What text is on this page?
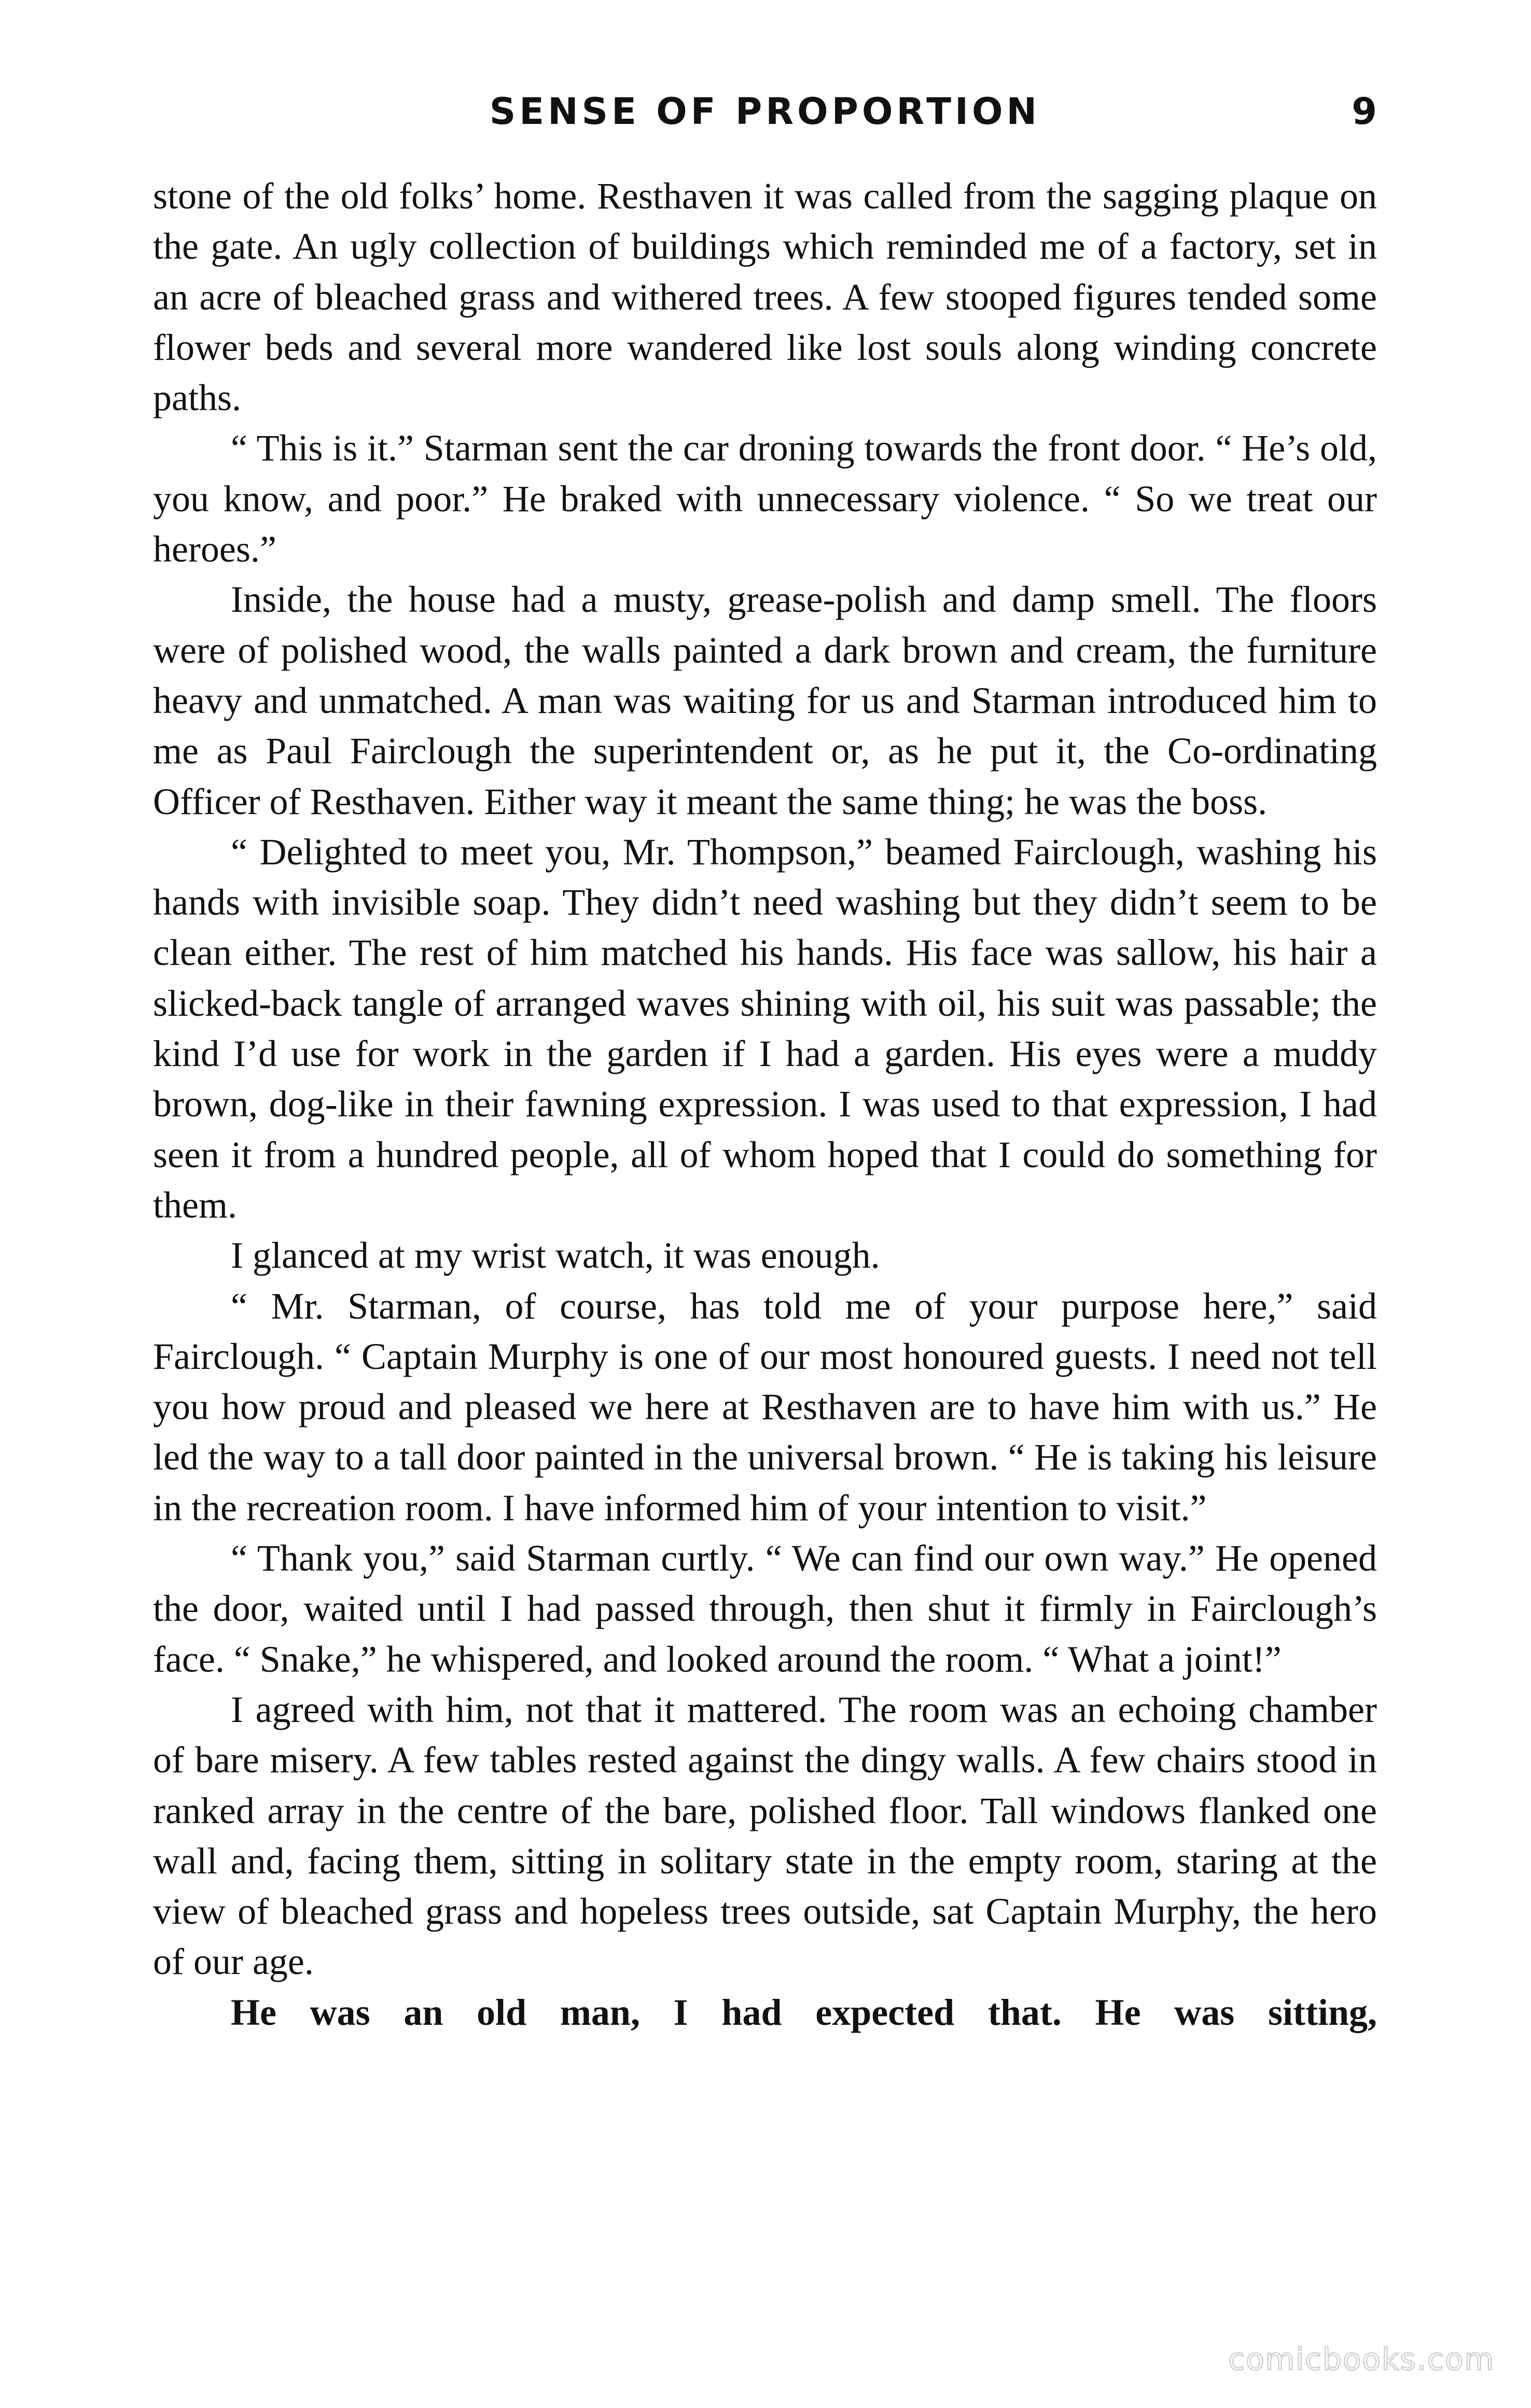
SENSE OF PROPORTION	9

stone of the old folks’ home. Resthaven it was called from the sagging plaque on the gate. An ugly collection of buildings which reminded me of a factory, set in an acre of bleached grass and withered trees. A few stooped figures tended some flower beds and several more wandered like lost souls along winding concrete paths.

“ This is it.” Starman sent the car droning towards the front door. “ He’s old, you know, and poor.” He braked with unnecessary violence. “ So we treat our heroes.”

Inside, the house had a musty, grease-polish and damp smell. The floors were of polished wood, the walls painted a dark brown and cream, the furniture heavy and unmatched. A man was waiting for us and Starman introduced him to me as Paul Fairclough the superintendent or, as he put it, the Co-ordinating Officer of Resthaven. Either way it meant the same thing; he was the boss.

“ Delighted to meet you, Mr. Thompson,” beamed Fairclough, washing his hands with invisible soap. They didn’t need washing but they didn’t seem to be clean either. The rest of him matched his hands. His face was sallow, his hair a slicked-back tangle of arranged waves shining with oil, his suit was passable; the kind I’d use for work in the garden if I had a garden. His eyes were a muddy brown, dog-like in their fawning expression. I was used to that expression, I had seen it from a hundred people, all of whom hoped that I could do something for them.

I glanced at my wrist watch, it was enough.

“ Mr. Starman, of course, has told me of your purpose here,” said Fairclough. “ Captain Murphy is one of our most honoured guests. I need not tell you how proud and pleased we here at Resthaven are to have him with us.” He led the way to a tall door painted in the universal brown. “ He is taking his leisure in the recreation room. I have informed him of your intention to visit.”

“ Thank you,” said Starman curtly. “ We can find our own way.” He opened the door, waited until I had passed through, then shut it firmly in Fairclough’s face. “ Snake,” he whispered, and looked around the room. “ What a joint!”

I agreed with him, not that it mattered. The room was an echoing chamber of bare misery. A few tables rested against the dingy walls. A few chairs stood in ranked array in the centre of the bare, polished floor. Tall windows flanked one wall and, facing them, sitting in solitary state in the empty room, staring at the view of bleached grass and hopeless trees outside, sat Captain Murphy, the hero of our age.

He was an old man, I had expected that. He was sitting,

comicbooks.com
